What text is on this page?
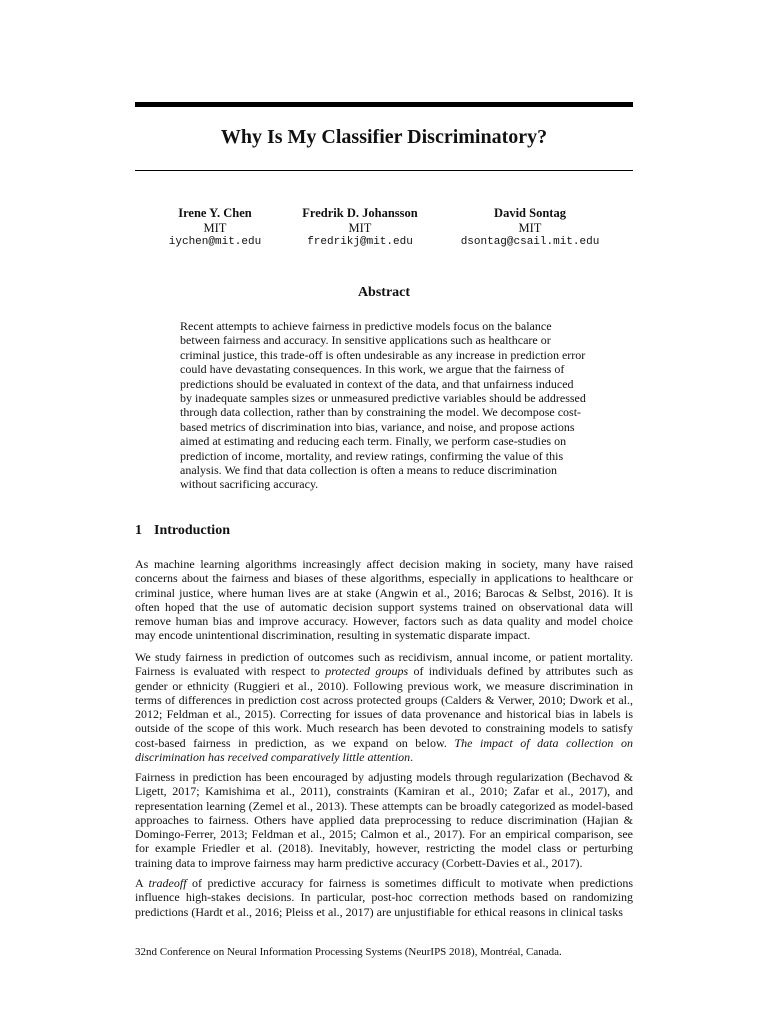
Why Is My Classifier Discriminatory?
Irene Y. Chen
MIT
iychen@mit.edu
Fredrik D. Johansson
MIT
fredrikj@mit.edu
David Sontag
MIT
dsontag@csail.mit.edu
Abstract

Recent attempts to achieve fairness in predictive models focus on the balance between fairness and accuracy. In sensitive applications such as healthcare or criminal justice, this trade-off is often undesirable as any increase in prediction error could have devastating consequences. In this work, we argue that the fairness of predictions should be evaluated in context of the data, and that unfairness induced by inadequate samples sizes or unmeasured predictive variables should be addressed through data collection, rather than by constraining the model. We decompose cost-based metrics of discrimination into bias, variance, and noise, and propose actions aimed at estimating and reducing each term. Finally, we perform case-studies on prediction of income, mortality, and review ratings, confirming the value of this analysis. We find that data collection is often a means to reduce discrimination without sacrificing accuracy.

1 Introduction

As machine learning algorithms increasingly affect decision making in society, many have raised concerns about the fairness and biases of these algorithms, especially in applications to healthcare or criminal justice, where human lives are at stake (Angwin et al., 2016; Barocas & Selbst, 2016). It is often hoped that the use of automatic decision support systems trained on observational data will remove human bias and improve accuracy. However, factors such as data quality and model choice may encode unintentional discrimination, resulting in systematic disparate impact.

We study fairness in prediction of outcomes such as recidivism, annual income, or patient mortality. Fairness is evaluated with respect to protected groups of individuals defined by attributes such as gender or ethnicity (Ruggieri et al., 2010). Following previous work, we measure discrimination in terms of differences in prediction cost across protected groups (Calders & Verwer, 2010; Dwork et al., 2012; Feldman et al., 2015). Correcting for issues of data provenance and historical bias in labels is outside of the scope of this work. Much research has been devoted to constraining models to satisfy cost-based fairness in prediction, as we expand on below. The impact of data collection on discrimination has received comparatively little attention.

Fairness in prediction has been encouraged by adjusting models through regularization (Bechavod & Ligett, 2017; Kamishima et al., 2011), constraints (Kamiran et al., 2010; Zafar et al., 2017), and representation learning (Zemel et al., 2013). These attempts can be broadly categorized as model-based approaches to fairness. Others have applied data preprocessing to reduce discrimination (Hajian & Domingo-Ferrer, 2013; Feldman et al., 2015; Calmon et al., 2017). For an empirical comparison, see for example Friedler et al. (2018). Inevitably, however, restricting the model class or perturbing training data to improve fairness may harm predictive accuracy (Corbett-Davies et al., 2017).

A tradeoff of predictive accuracy for fairness is sometimes difficult to motivate when predictions influence high-stakes decisions. In particular, post-hoc correction methods based on randomizing predictions (Hardt et al., 2016; Pleiss et al., 2017) are unjustifiable for ethical reasons in clinical tasks

32nd Conference on Neural Information Processing Systems (NeurIPS 2018), Montréal, Canada.
